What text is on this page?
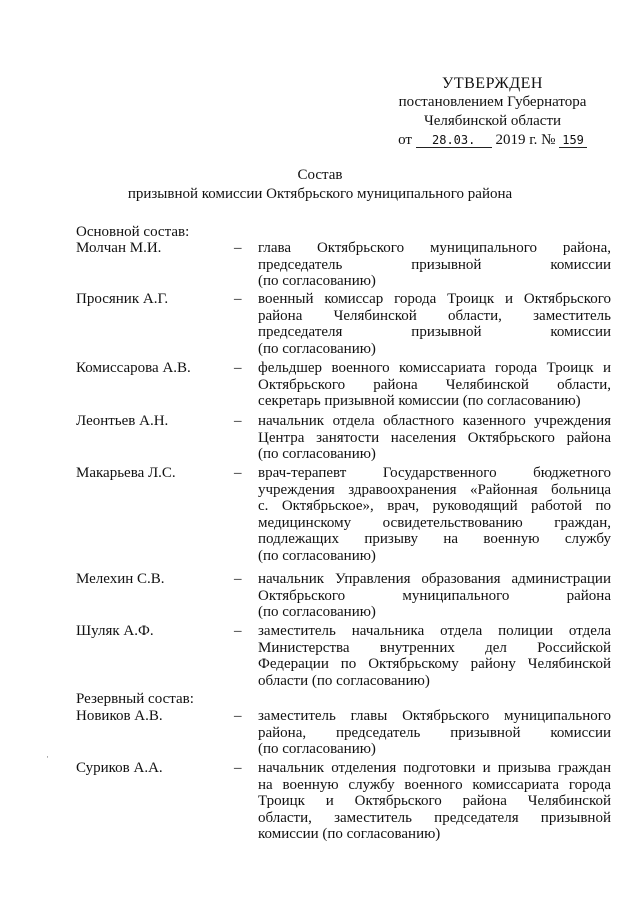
УТВЕРЖДЕН
постановлением Губернатора
Челябинской области
от 28.03. 2019 г. № 159
Состав
призывной комиссии Октябрьского муниципального района
Основной состав:
Молчан М.И.	– глава Октябрьского муниципального района,
председатель призывной комиссии
(по согласованию)
Просяник А.Г.	– военный комиссар города Троицк и Октябрьского
района Челябинской области, заместитель
председателя призывной комиссии
(по согласованию)
Комиссарова А.В.	– фельдшер военного комиссариата города Троицк и
Октябрьского района Челябинской области,
секретарь призывной комиссии (по согласованию)
Леонтьев А.Н.	– начальник отдела областного казенного учреждения
Центра занятости населения Октябрьского района
(по согласованию)
Макарьева Л.С.	– врач-терапевт Государственного бюджетного
учреждения здравоохранения «Районная больница
с. Октябрьское», врач, руководящий работой по
медицинскому освидетельствованию граждан,
подлежащих призыву на военную службу
(по согласованию)
Мелехин С.В.	– начальник Управления образования администрации
Октябрьского муниципального района
(по согласованию)
Шуляк А.Ф.	– заместитель начальника отдела полиции отдела
Министерства внутренних дел Российской
Федерации по Октябрьскому району Челябинской
области (по согласованию)
Резервный состав:
Новиков А.В.	– заместитель главы Октябрьского муниципального
района, председатель призывной комиссии
(по согласованию)
Суриков А.А.	– начальник отделения подготовки и призыва граждан
на военную службу военного комиссариата города
Троицк и Октябрьского района Челябинской
области, заместитель председателя призывной
комиссии (по согласованию)
·
